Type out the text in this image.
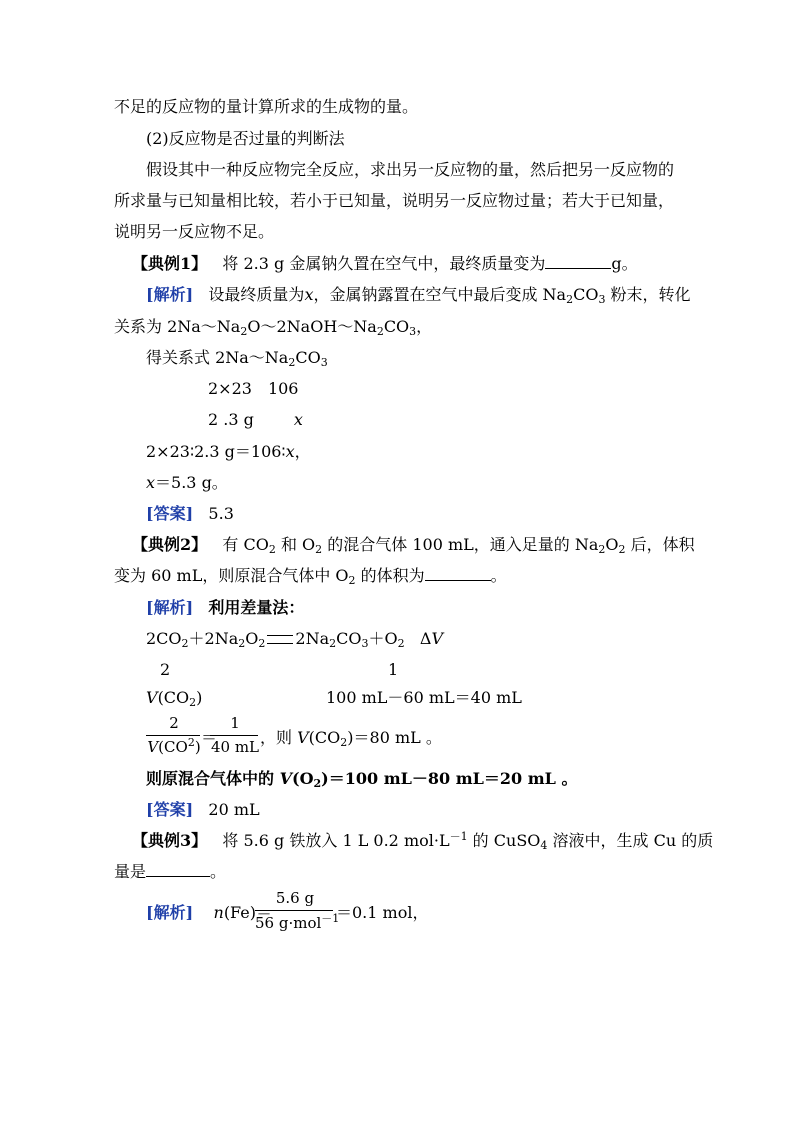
不足的反应物的量计算所求的生成物的量。
(2)反应物是否过量的判断法
假设其中一种反应物完全反应，求出另一反应物的量，然后把另一反应物的
所求量与已知量相比较，若小于已知量，说明另一反应物过量；若大于已知量，
说明另一反应物不足。
【典例1】 将 2.3 g 金属钠久置在空气中，最终质量变为	g。
[解析] 设最终质量为x，金属钠露置在空气中最后变成 $Na_2CO_3$ 粉末，转化
关系为 $2Na\sim Na_2O\sim 2NaOH\sim Na_2CO_3$，
得关系式 $2Na\sim Na_2CO_3$
2×23　106
2 .3 g	x
2×23∶2.3 g＝106∶x，
x＝5.3 g。
[答案] 5.3
【典例2】 有 $CO_2$ 和 $O_2$ 的混合气体 100 mL，通入足量的 $Na_2O_2$ 后，体积
变为 60 mL，则原混合气体中 $O_2$ 的体积为	。
[解析] 利用差量法：
$2CO_2+2Na_2O_2$ $2Na_2CO_3+O_2$ ΔV
2	1
$V(CO_2)$	100 mL－60 mL＝40 mL
2
$V(CO^2)$ ＝
1
40 mL ，则 $V(CO_2)=80$ mL 。
则原混合气体中的 $V(O_2)=100$ mL－80 mL＝20 mL 。
[答案] 20 mL
【典例3】 将 5.6 g 铁放入 1 L 0.2 $mol\cdot L^{-1}$ 的 CuSO$_4$ 溶液中，生成 Cu 的质
量是	。
[解析] n(Fe)＝
5.6 g
56 g·mol$^{-1}$
＝0.1 mol，
